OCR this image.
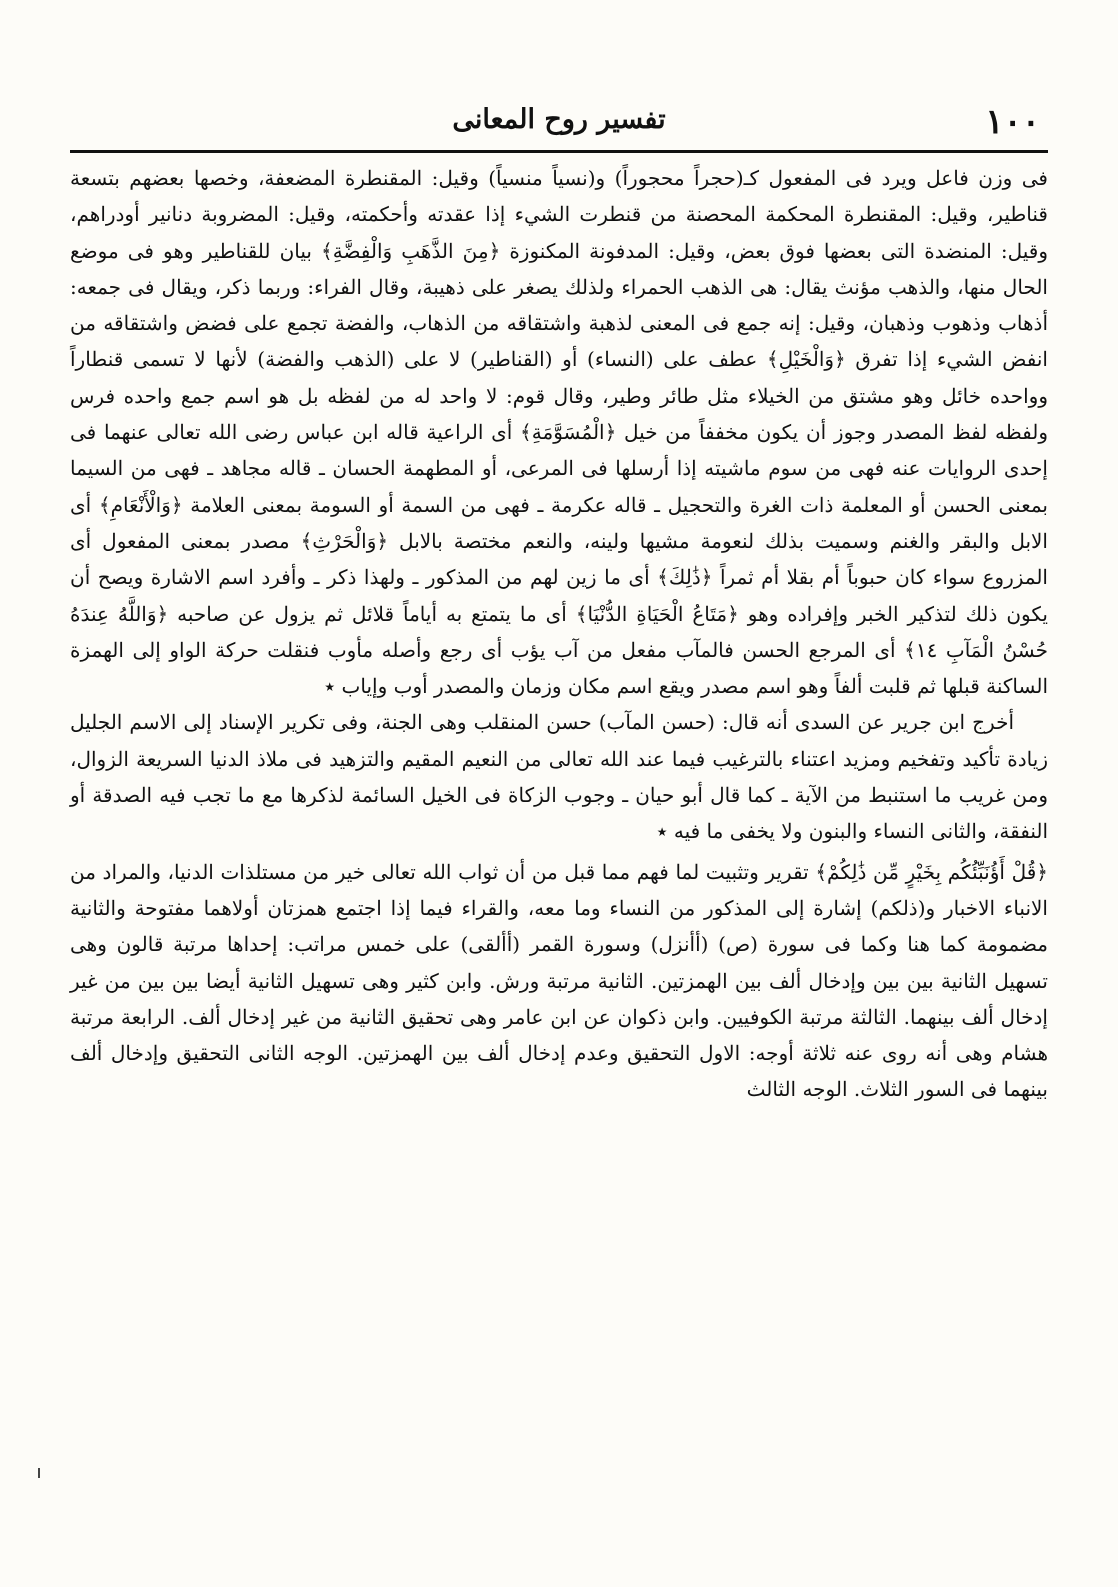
١٠٠
تفسير روح المعانى

فى وزن فاعل ويرد فى المفعول كـ(حجراً محجوراً) و(نسياً منسياً) وقيل: المقنطرة المضعفة، وخصها بعضهم بتسعة قناطير، وقيل: المقنطرة المحكمة المحصنة من قنطرت الشيء إذا عقدته وأحكمته، وقيل: المضروبة دنانير أودراهم، وقيل: المنضدة التى بعضها فوق بعض، وقيل: المدفونة المكنوزة ﴿مِنَ الذَّهَبِ وَالْفِضَّةِ﴾ بيان للقناطير وهو فى موضع الحال منها، والذهب مؤنث يقال: هى الذهب الحمراء ولذلك يصغر على ذهيبة، وقال الفراء: وربما ذكر، ويقال فى جمعه: أذهاب وذهوب وذهبان، وقيل: إنه جمع فى المعنى لذهبة واشتقاقه من الذهاب، والفضة تجمع على فضض واشتقاقه من انفض الشيء إذا تفرق ﴿وَالْخَيْلِ﴾ عطف على (النساء) أو (القناطير) لا على (الذهب والفضة) لأنها لا تسمى قنطاراً وواحده خائل وهو مشتق من الخيلاء مثل طائر وطير، وقال قوم: لا واحد له من لفظه بل هو اسم جمع واحده فرس ولفظه لفظ المصدر وجوز أن يكون مخففاً من خيل ﴿الْمُسَوَّمَةِ﴾ أى الراعية قاله ابن عباس رضى الله تعالى عنهما فى إحدى الروايات عنه فهى من سوم ماشيته إذا أرسلها فى المرعى، أو المطهمة الحسان ـ قاله مجاهد ـ فهى من السيما بمعنى الحسن أو المعلمة ذات الغرة والتحجيل ـ قاله عكرمة ـ فهى من السمة أو السومة بمعنى العلامة ﴿وَالْأَنْعَامِ﴾ أى الابل والبقر والغنم وسميت بذلك لنعومة مشيها ولينه، والنعم مختصة بالابل ﴿وَالْحَرْثِ﴾ مصدر بمعنى المفعول أى المزروع سواء كان حبوباً أم بقلا أم ثمراً ﴿ذَٰلِكَ﴾ أى ما زين لهم من المذكور ـ ولهذا ذكر ـ وأفرد اسم الاشارة ويصح أن يكون ذلك لتذكير الخبر وإفراده وهو ﴿مَتَاعُ الْحَيَاةِ الدُّنْيَا﴾ أى ما يتمتع به أياماً قلائل ثم يزول عن صاحبه ﴿وَاللَّهُ عِندَهُ حُسْنُ الْمَآبِ ١٤﴾ أى المرجع الحسن فالمآب مفعل من آب يؤب أى رجع وأصله مأوب فنقلت حركة الواو إلى الهمزة الساكنة قبلها ثم قلبت ألفاً وهو اسم مصدر ويقع اسم مكان وزمان والمصدر أوب وإياب ٭

أخرج ابن جرير عن السدى أنه قال: (حسن المآب) حسن المنقلب وهى الجنة، وفى تكرير الإسناد إلى الاسم الجليل زيادة تأكيد وتفخيم ومزيد اعتناء بالترغيب فيما عند الله تعالى من النعيم المقيم والتزهيد فى ملاذ الدنيا السريعة الزوال، ومن غريب ما استنبط من الآية ـ كما قال أبو حيان ـ وجوب الزكاة فى الخيل السائمة لذكرها مع ما تجب فيه الصدقة أو النفقة، والثانى النساء والبنون ولا يخفى ما فيه ٭

﴿قُلْ أَؤُنَبِّئُكُم بِخَيْرٍ مِّن ذَٰلِكُمْ﴾ تقرير وتثبيت لما فهم مما قبل من أن ثواب الله تعالى خير من مستلذات الدنيا، والمراد من الانباء الاخبار و(ذلكم) إشارة إلى المذكور من النساء وما معه، والقراء فيما إذا اجتمع همزتان أولاهما مفتوحة والثانية مضمومة كما هنا وكما فى سورة (ص) (أأنزل) وسورة القمر (أألقى) على خمس مراتب: إحداها مرتبة قالون وهى تسهيل الثانية بين بين وإدخال ألف بين الهمزتين. الثانية مرتبة ورش. وابن كثير وهى تسهيل الثانية أيضا بين بين من غير إدخال ألف بينهما. الثالثة مرتبة الكوفيين. وابن ذكوان عن ابن عامر وهى تحقيق الثانية من غير إدخال ألف. الرابعة مرتبة هشام وهى أنه روى عنه ثلاثة أوجه: الاول التحقيق وعدم إدخال ألف بين الهمزتين. الوجه الثانى التحقيق وإدخال ألف بينهما فى السور الثلاث. الوجه الثالث
